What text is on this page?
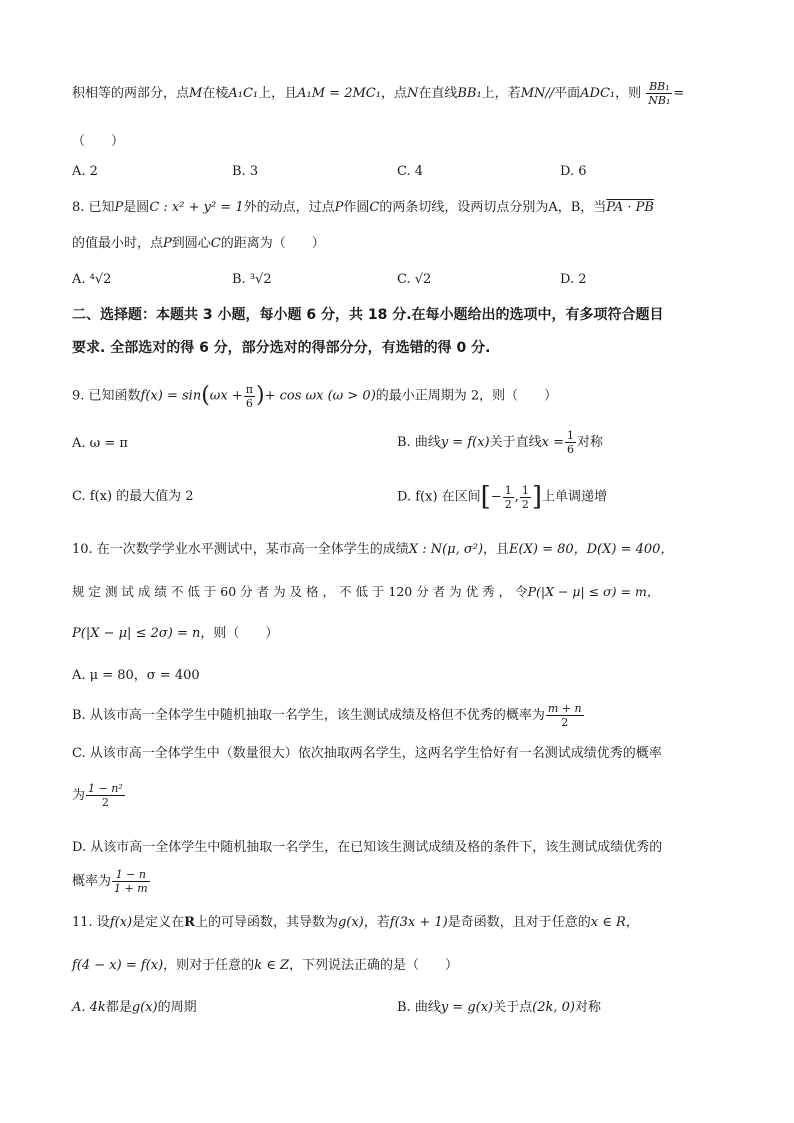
积相等的两部分，点M在棱A₁C₁上，且A₁M = 2MC₁，点N在直线BB₁上，若MN//平面ADC₁，则 $\frac{\text{BB₁}}{\text{NB₁}}$ =
（　　）
A. 2	B. 3	C. 4	D. 6
8. 已知P是圆C : x² + y² = 1外的动点，过点P作圆C的两条切线，设两切点分别为A，B，当PA · PB
的值最小时，点P到圆心C的距离为（　　）
A. ⁴√2	B. ³√2	C. √2	D. 2
二、选择题：本题共 3 小题，每小题 6 分，共 18 分.在每小题给出的选项中，有多项符合题目
要求. 全部选对的得 6 分，部分选对的得部分分，有选错的得 0 分.
9. 已知函数$f(x) = \sin(\omega x + \frac{\pi}{6}$ )+ cos ωx (ω > 0)的最小正周期为 2，则（　　）
A. ω = π	B. 曲线y = f(x)关于直线$x = \frac{1}{6}$ 对称
C. f(x) 的最大值为 2	D. f(x) 在区间[− $\frac{1}{2}$ , $\frac{1}{2}$ ]上单调递增
10. 在一次数学学业水平测试中，某市高一全体学生的成绩X : N(μ, σ²)，且E(X) = 80，D(X) = 400，
规 定 测 试 成 绩 不 低 于 60 分 者 为 及 格 ， 不 低 于 120 分 者 为 优 秀 ， 令P(|X − μ| ≤ σ) = m，
P(|X − μ| ≤ 2σ) = n，则（　　）
A. μ = 80，σ = 400
B. 从该市高一全体学生中随机抽取一名学生，该生测试成绩及格但不优秀的概率为 $\frac{m + n}{2}$
C. 从该市高一全体学生中（数量很大）依次抽取两名学生，这两名学生恰好有一名测试成绩优秀的概率
为 $\frac{\text{1 − n²}}{2}$
D. 从该市高一全体学生中随机抽取一名学生，在已知该生测试成绩及格的条件下，该生测试成绩优秀的
概率为 $\frac{1 - n}{1 + m}$
11. 设f(x)是定义在R上的可导函数，其导数为g(x)，若f(3x + 1)是奇函数，且对于任意的x ∈ R，
f(4 − x) = f(x)，则对于任意的k ∈ Z，下列说法正确的是（　　）
A. 4k都是g(x)的周期	B. 曲线y = g(x)关于点(2k, 0)对称
